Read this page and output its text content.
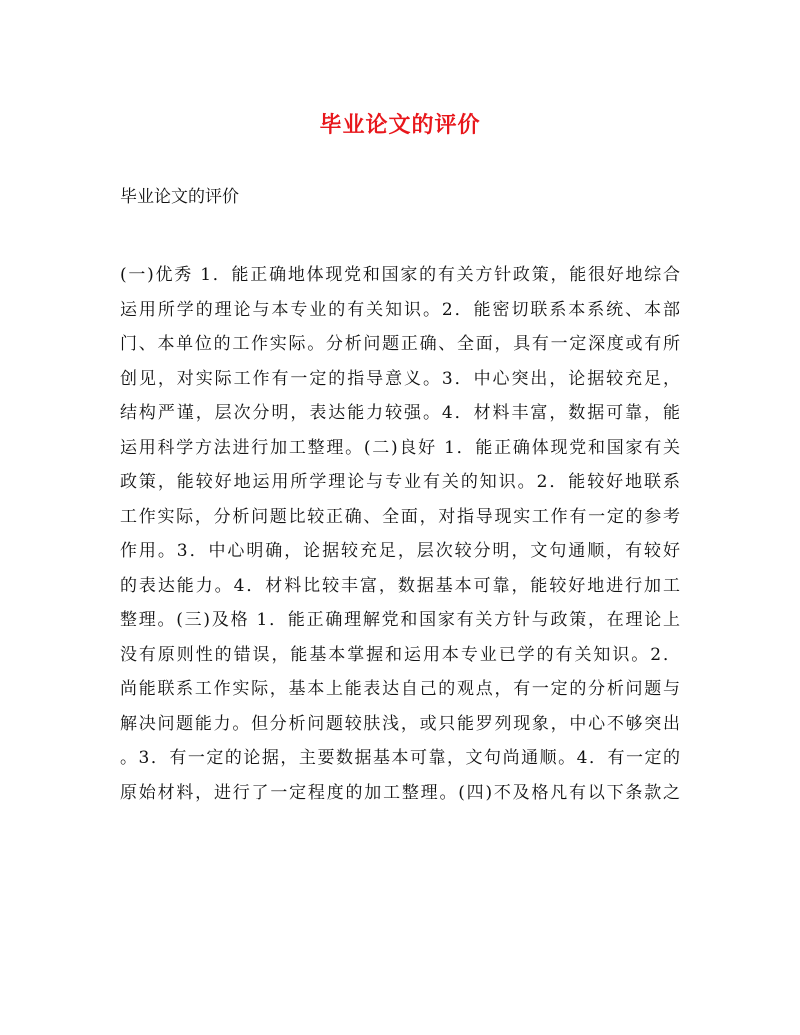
毕业论文的评价

毕业论文的评价

(一)优秀 1．能正确地体现党和国家的有关方针政策，能很好地综合
运用所学的理论与本专业的有关知识。2．能密切联系本系统、本部
门、本单位的工作实际。分析问题正确、全面，具有一定深度或有所
创见，对实际工作有一定的指导意义。3．中心突出，论据较充足，
结构严谨，层次分明，表达能力较强。4．材料丰富，数据可靠，能
运用科学方法进行加工整理。(二)良好 1．能正确体现党和国家有关
政策，能较好地运用所学理论与专业有关的知识。2．能较好地联系
工作实际，分析问题比较正确、全面，对指导现实工作有一定的参考
作用。3．中心明确，论据较充足，层次较分明，文句通顺，有较好
的表达能力。4．材料比较丰富，数据基本可靠，能较好地进行加工
整理。(三)及格 1．能正确理解党和国家有关方针与政策，在理论上
没有原则性的错误，能基本掌握和运用本专业已学的有关知识。2．
尚能联系工作实际，基本上能表达自己的观点，有一定的分析问题与
解决问题能力。但分析问题较肤浅，或只能罗列现象，中心不够突出
。3．有一定的论据，主要数据基本可靠，文句尚通顺。4．有一定的
原始材料，进行了一定程度的加工整理。(四)不及格凡有以下条款之
